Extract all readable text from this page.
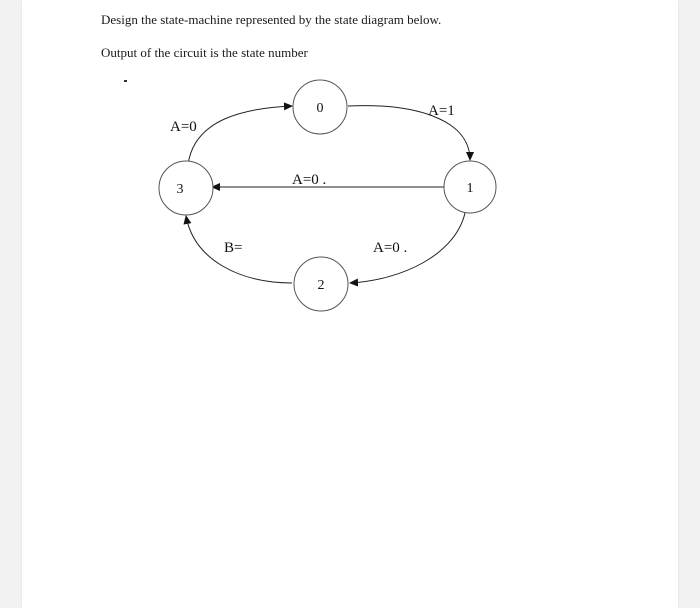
Design the state-machine represented by the state diagram below.
Output of the circuit is the state number
0
1
2
3
A=0
A=1
A=0 .
A=0 .
B=
